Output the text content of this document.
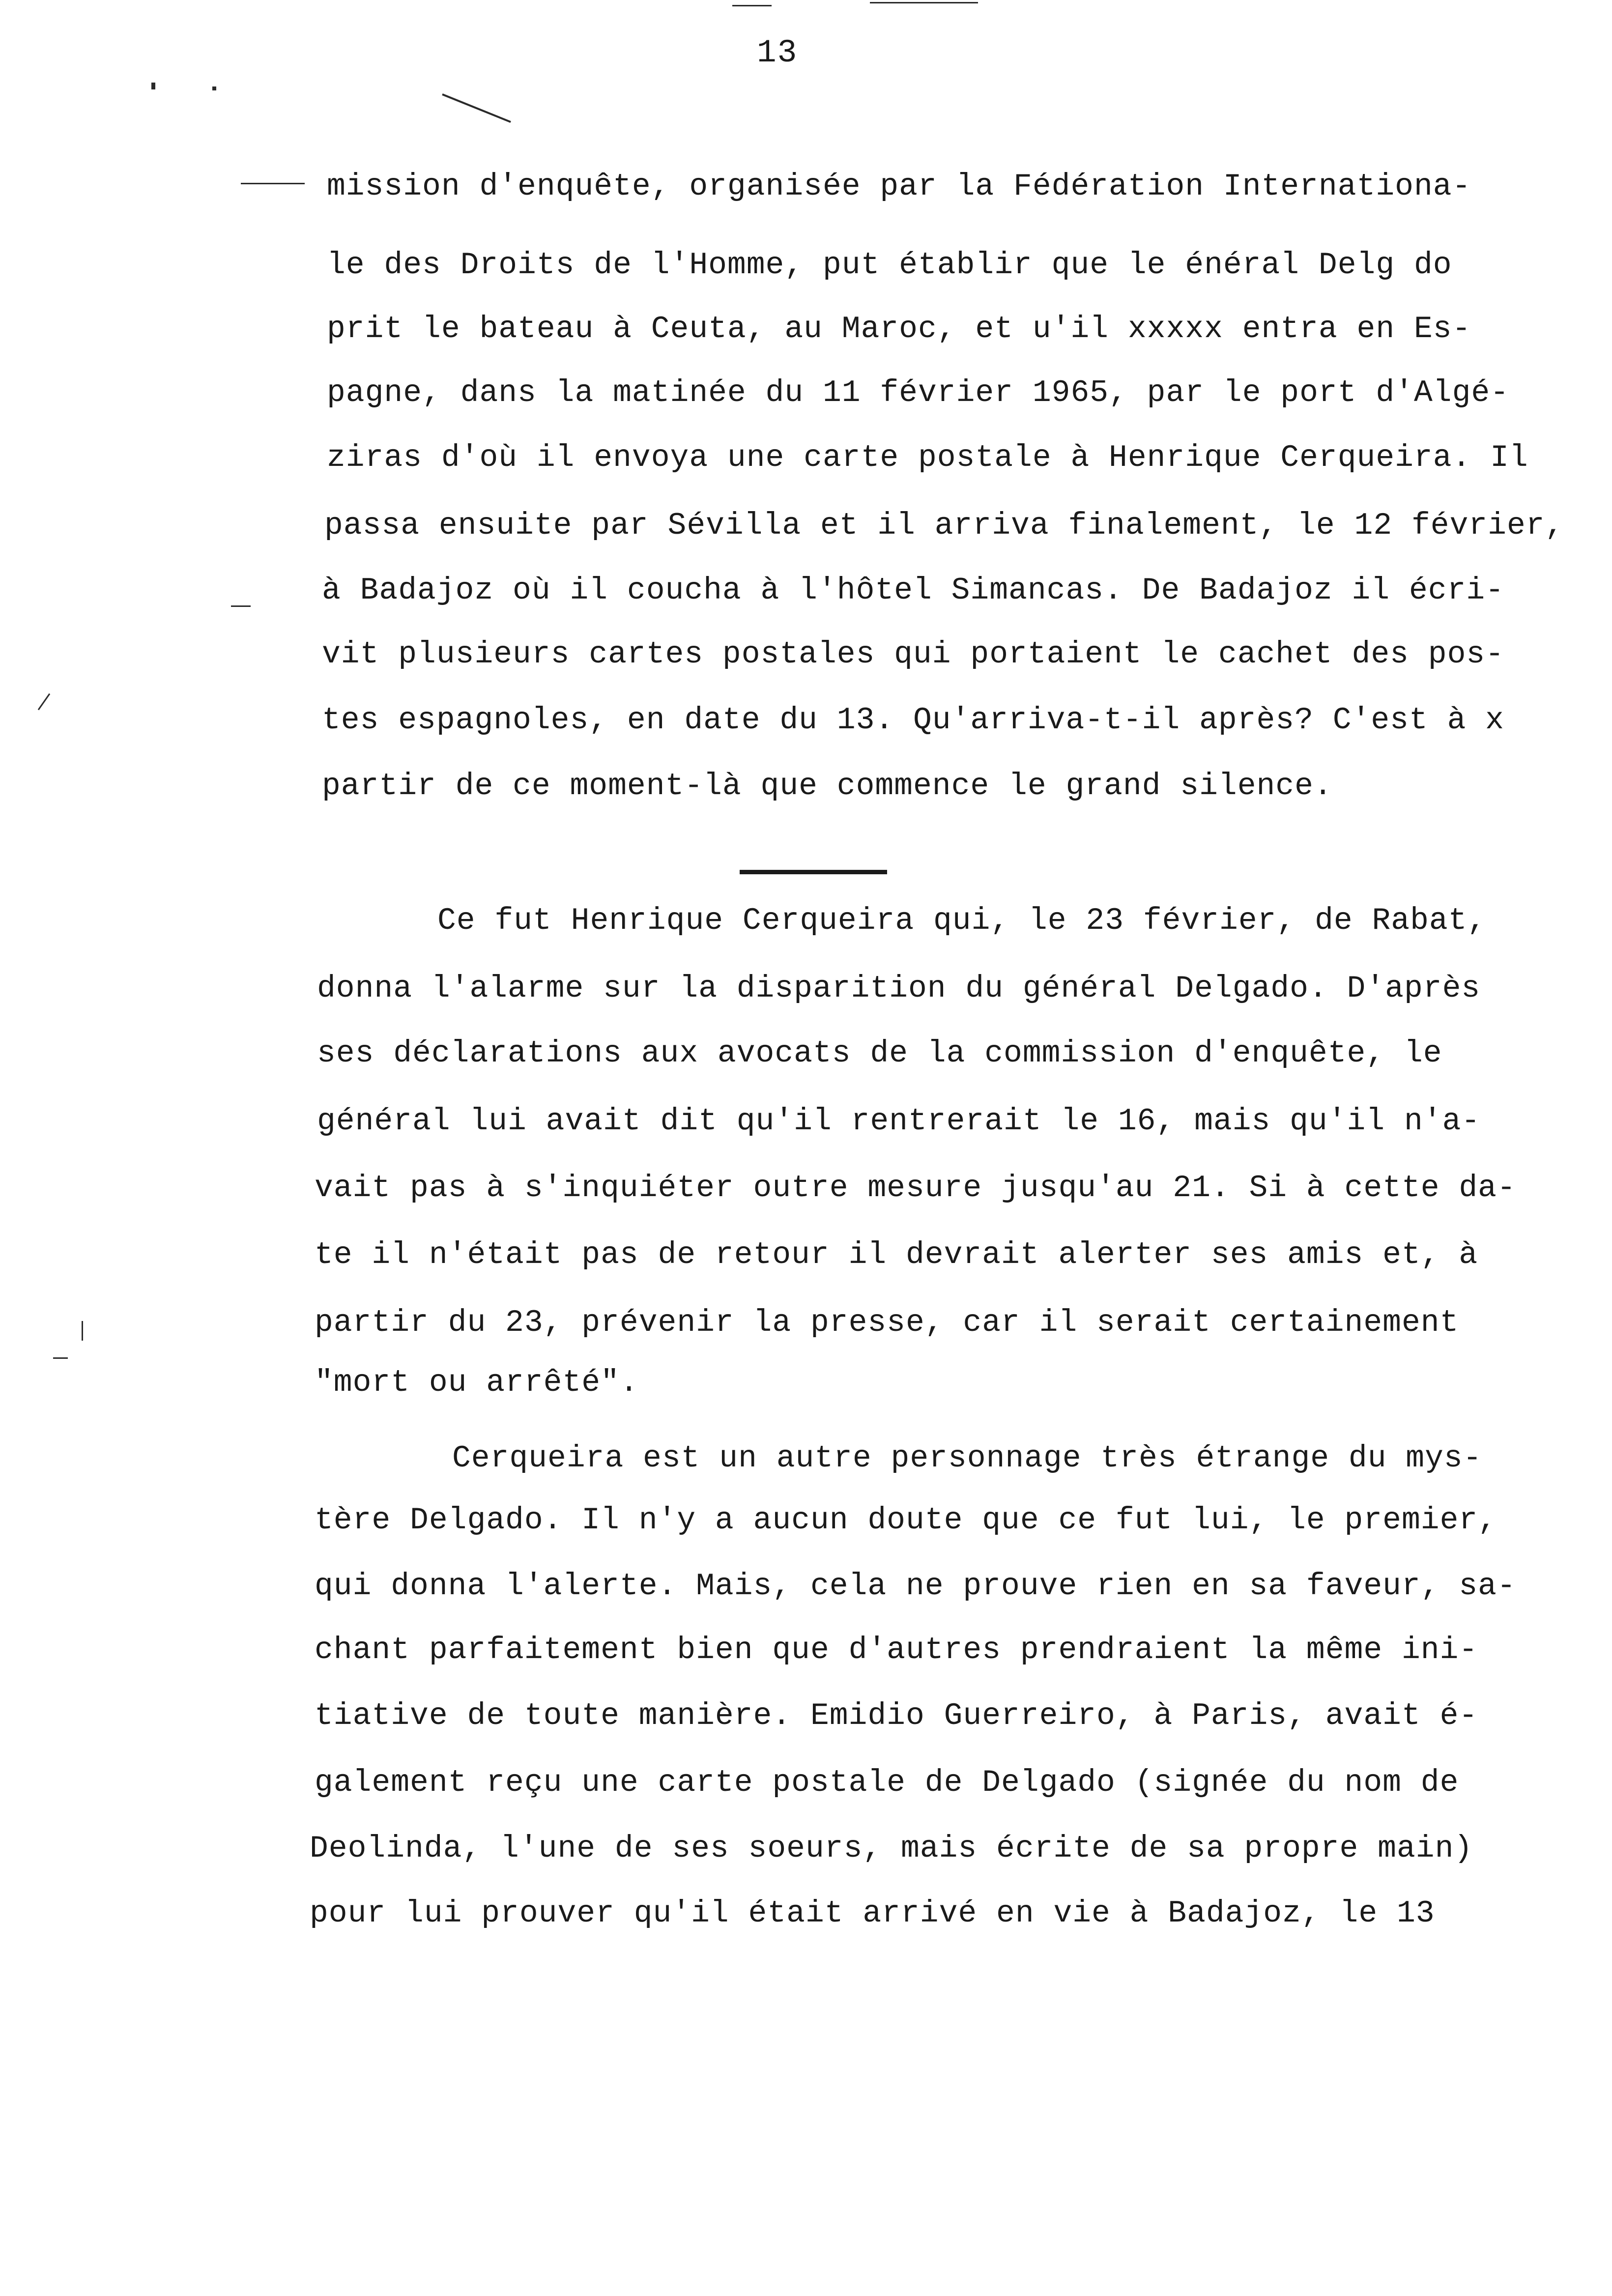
13
mission d'enquête, organisée par la Fédération Internationa-
le des Droits de l'Homme, put établir que le énéral Delg do
prit le bateau à Ceuta, au Maroc, et u'il xxxxx entra en Es-
pagne, dans la matinée du 11 février 1965, par le port d'Algé-
ziras d'où il envoya une carte postale à Henrique Cerqueira. Il
passa ensuite par Sévilla et il arriva finalement, le 12 février,
à Badajoz où il coucha à l'hôtel Simancas. De Badajoz il écri-
vit plusieurs cartes postales qui portaient le cachet des pos-
tes espagnoles, en date du 13. Qu'arriva-t-il après? C'est à x
partir de ce moment-là que commence le grand silence.
Ce fut Henrique Cerqueira qui, le 23 février, de Rabat,
donna l'alarme sur la disparition du général Delgado. D'après
ses déclarations aux avocats de la commission d'enquête, le
général lui avait dit qu'il rentrerait le 16, mais qu'il n'a-
vait pas à s'inquiéter outre mesure jusqu'au 21. Si à cette da-
te il n'était pas de retour il devrait alerter ses amis et, à
partir du 23, prévenir la presse, car il serait certainement
"mort ou arrêté".
Cerqueira est un autre personnage très étrange du mys-
tère Delgado. Il n'y a aucun doute que ce fut lui, le premier,
qui donna l'alerte. Mais, cela ne prouve rien en sa faveur, sa-
chant parfaitement bien que d'autres prendraient la même ini-
tiative de toute manière. Emidio Guerreiro, à Paris, avait é-
galement reçu une carte postale de Delgado (signée du nom de
Deolinda, l'une de ses soeurs, mais écrite de sa propre main)
pour lui prouver qu'il était arrivé en vie à Badajoz, le 13
